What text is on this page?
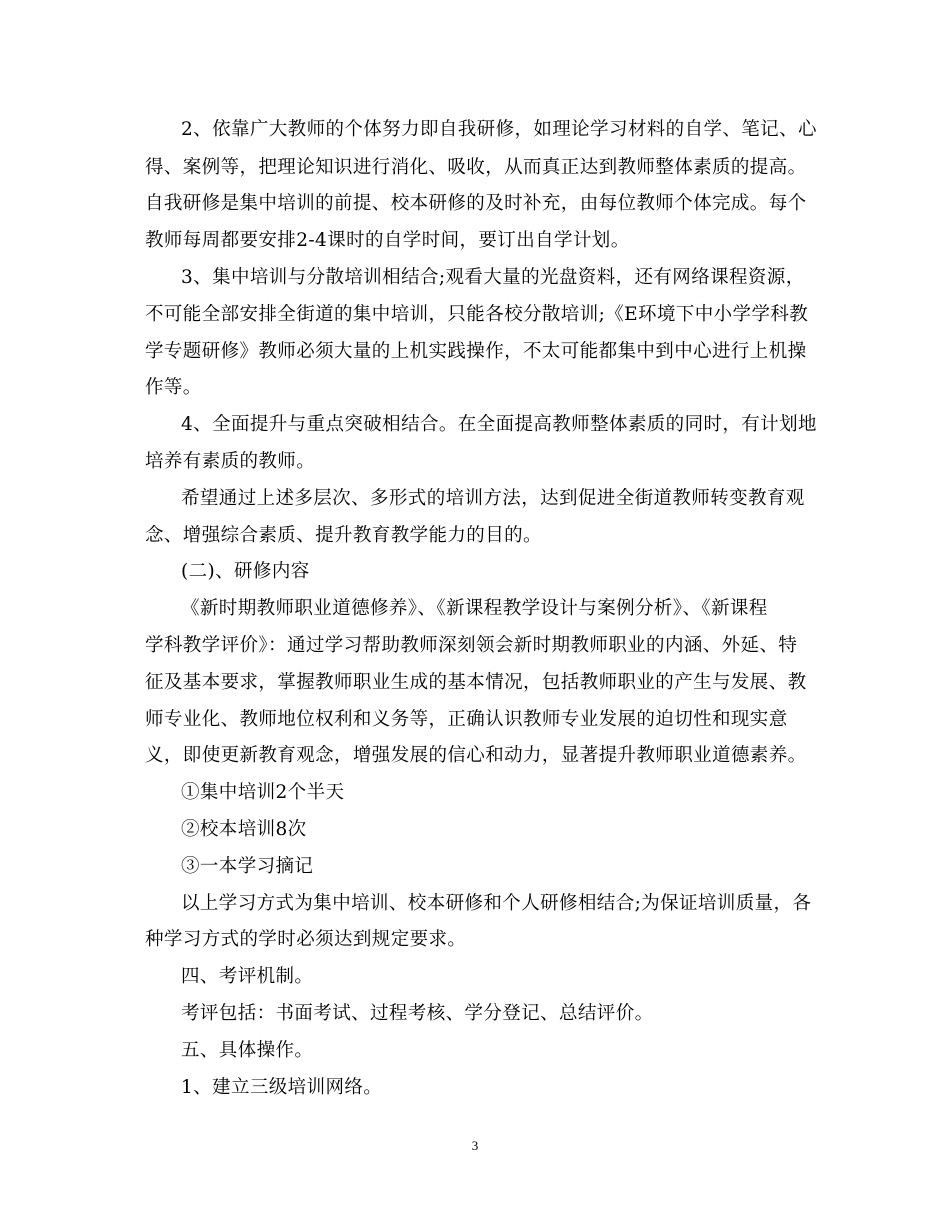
2、依靠广大教师的个体努力即自我研修，如理论学习材料的自学、笔记、心
得、案例等，把理论知识进行消化、吸收，从而真正达到教师整体素质的提高。
自我研修是集中培训的前提、校本研修的及时补充，由每位教师个体完成。每个
教师每周都要安排2-4课时的自学时间，要订出自学计划。
3、集中培训与分散培训相结合;观看大量的光盘资料，还有网络课程资源，
不可能全部安排全街道的集中培训，只能各校分散培训;《E环境下中小学学科教
学专题研修》教师必须大量的上机实践操作，不太可能都集中到中心进行上机操
作等。
4、全面提升与重点突破相结合。在全面提高教师整体素质的同时，有计划地
培养有素质的教师。
希望通过上述多层次、多形式的培训方法，达到促进全街道教师转变教育观
念、增强综合素质、提升教育教学能力的目的。
(二)、研修内容
《新时期教师职业道德修养》、《新课程教学设计与案例分析》、《新课程
学科教学评价》：通过学习帮助教师深刻领会新时期教师职业的内涵、外延、特
征及基本要求，掌握教师职业生成的基本情况，包括教师职业的产生与发展、教
师专业化、教师地位权利和义务等，正确认识教师专业发展的迫切性和现实意
义，即使更新教育观念，增强发展的信心和动力，显著提升教师职业道德素养。
①集中培训2个半天
②校本培训8次
③一本学习摘记
以上学习方式为集中培训、校本研修和个人研修相结合;为保证培训质量，各
种学习方式的学时必须达到规定要求。
四、考评机制。
考评包括：书面考试、过程考核、学分登记、总结评价。
五、具体操作。
1、建立三级培训网络。
3
